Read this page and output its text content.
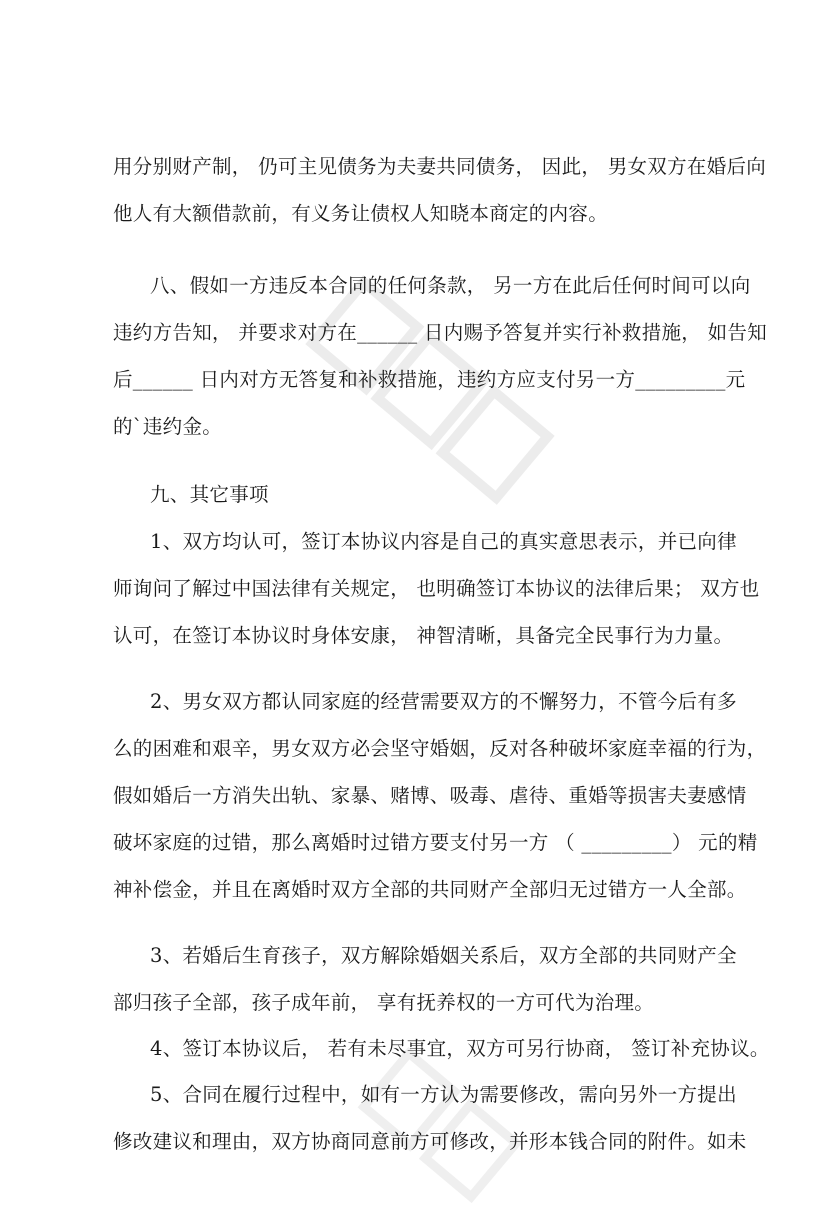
用分别财产制， 仍可主见债务为夫妻共同债务， 因此， 男女双方在婚后向
他人有大额借款前，有义务让债权人知晓本商定的内容。
八、假如一方违反本合同的任何条款， 另一方在此后任何时间可以向
违约方告知， 并要求对方在______ 日内赐予答复并实行补救措施， 如告知
后______ 日内对方无答复和补救措施，违约方应支付另一方_________元
的`违约金。
九、其它事项
1、双方均认可，签订本协议内容是自己的真实意思表示，并已向律
师询问了解过中国法律有关规定， 也明确签订本协议的法律后果； 双方也
认可，在签订本协议时身体安康， 神智清晰，具备完全民事行为力量。
2、男女双方都认同家庭的经营需要双方的不懈努力，不管今后有多
么的困难和艰辛，男女双方必会坚守婚姻，反对各种破坏家庭幸福的行为，
假如婚后一方消失出轨、家暴、赌博、吸毒、虐待、重婚等损害夫妻感情
破坏家庭的过错，那么离婚时过错方要支付另一方 （ _________） 元的精
神补偿金，并且在离婚时双方全部的共同财产全部归无过错方一人全部。
3、若婚后生育孩子，双方解除婚姻关系后，双方全部的共同财产全
部归孩子全部，孩子成年前， 享有抚养权的一方可代为治理。
4、签订本协议后， 若有未尽事宜，双方可另行协商， 签订补充协议。
5、合同在履行过程中，如有一方认为需要修改，需向另外一方提出
修改建议和理由，双方协商同意前方可修改，并形本钱合同的附件。如未
